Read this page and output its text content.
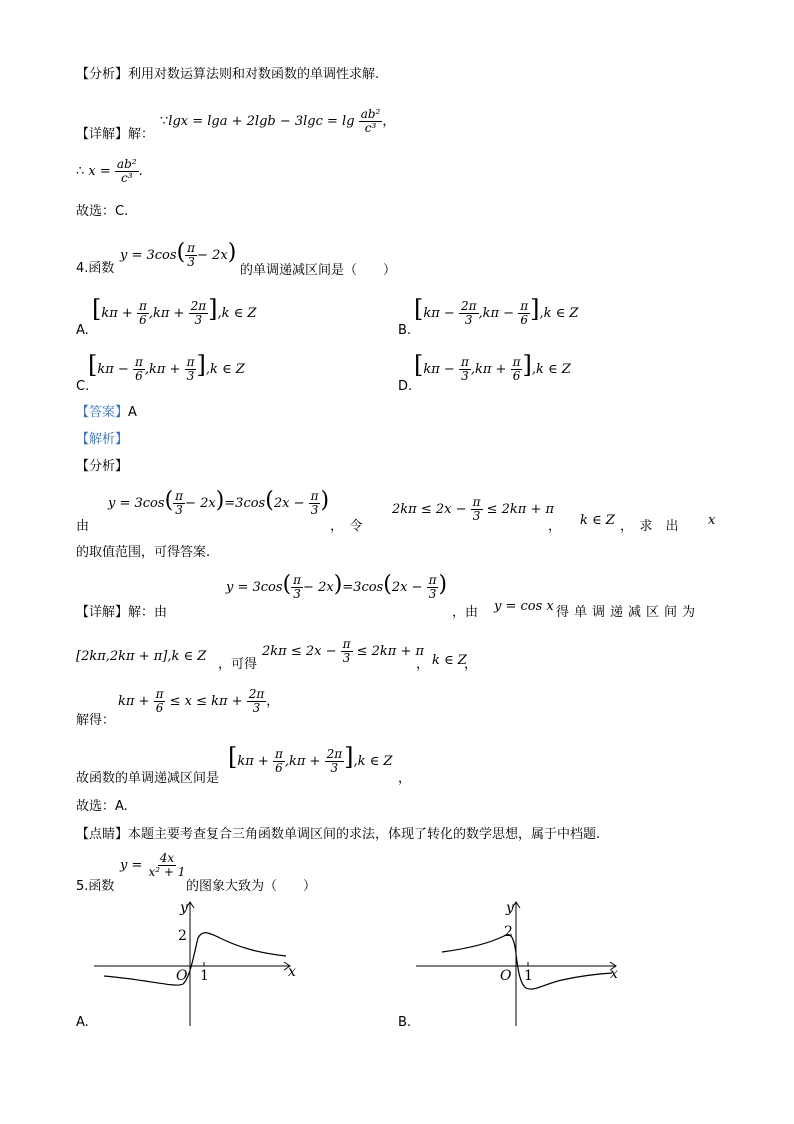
【分析】利用对数运算法则和对数函数的单调性求解.
∵lgx = $\lg a + 2\lg b - 3\lg c = \lg \frac{\text{ab²}}{\text{c³}}$ ，
【详解】解：
∴ $x = \frac{\text{ab²}}{\text{c³}}$ .
故选：C.
4.函数
$y = 3\cos( \frac{\pi}{3} - 2x)$
的单调递减区间是（　　）
A.
$[k\pi + \frac{\pi}{6} ,k\pi + \frac{2\pi}{3} ],k$ ∈ Z
B.
$[k\pi - \frac{2\pi}{3} ,k\pi - \frac{\pi}{6} ],k$ ∈ Z
C.
$[k\pi - \frac{\pi}{6} ,k\pi + \frac{\pi}{3} ],k$ ∈ Z
D.
$[k\pi - \frac{\pi}{3} ,k\pi + \frac{\pi}{6} ],k$ ∈ Z
【答案】A
【解析】
【分析】
由
$y = 3\cos( \frac{\pi}{3} - 2x)=3\cos(2x - \frac{\pi}{3}$ )
，　令
$2k\pi \le 2x - \frac{\pi}{3} \le 2k\pi + \pi$
， k ∈ Z ，　求　出 x
的取值范围，可得答案.
【详解】解：由
$y = 3\cos( \frac{\pi}{3} - 2x)=3\cos(2x - \frac{\pi}{3}$ )
，由 y = cos x 得单调递减区间为
[2kπ,2kπ + π],k ∈ Z
，可得
$2k\pi \le 2x - \frac{\pi}{3} \le 2k\pi + \pi$
， k ∈ Z
，
$k\pi + \frac{\pi}{6} \le x \le k\pi + \frac{2\pi}{3}$ ，
解得：
故函数的单调递减区间是
$[k\pi + \frac{\pi}{6} ,k\pi + \frac{2\pi}{3} ],k$ ∈ Z
，
故选：A.
【点睛】本题主要考查复合三角函数单调区间的求法，体现了转化的数学思想，属于中档题.
5.函数
$y = \frac{4x}{\text{x² + 1}}$
的图象大致为（　　）
y
x
O
2
1
A.
y
x
O
2
1
B.
